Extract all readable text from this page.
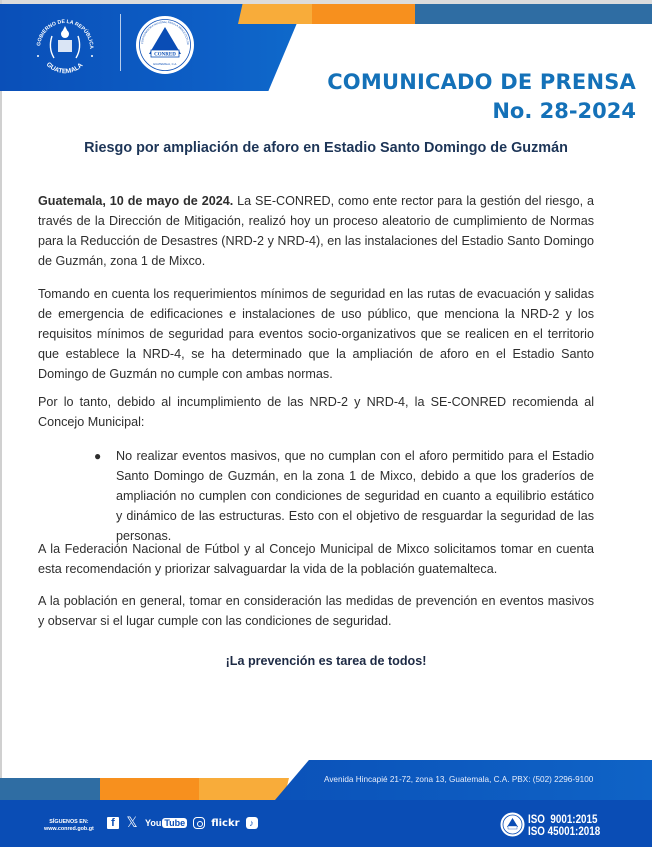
GOBIERNO DE LA REPÚBLICA
GUATEMALA
COORDINADORA NACIONAL PARA LA REDUCCIÓN DE
CONRED
GUATEMALA, C.A.
COMUNICADO DE PRENSA
No. 28-2024
Riesgo por ampliación de aforo en Estadio Santo Domingo de Guzmán
Guatemala, 10 de mayo de 2024. La SE-CONRED, como ente rector para la gestión del riesgo, a través de la Dirección de Mitigación, realizó hoy un proceso aleatorio de cumplimiento de Normas para la Reducción de Desastres (NRD-2 y NRD-4), en las instalaciones del Estadio Santo Domingo de Guzmán, zona 1 de Mixco.
Tomando en cuenta los requerimientos mínimos de seguridad en las rutas de evacuación y salidas de emergencia de edificaciones e instalaciones de uso público, que menciona la NRD-2 y los requisitos mínimos de seguridad para eventos socio-organizativos que se realicen en el territorio que establece la NRD-4, se ha determinado que la ampliación de aforo en el Estadio Santo Domingo de Guzmán no cumple con ambas normas.
Por lo tanto, debido al incumplimiento de las NRD-2 y NRD-4, la SE-CONRED recomienda al Concejo Municipal:
●	No realizar eventos masivos, que no cumplan con el aforo permitido para el Estadio Santo Domingo de Guzmán, en la zona 1 de Mixco, debido a que los graderíos de ampliación no cumplen con condiciones de seguridad en cuanto a equilibrio estático y dinámico de las estructuras. Esto con el objetivo de resguardar la seguridad de las personas.
A la Federación Nacional de Fútbol y al Concejo Municipal de Mixco solicitamos tomar en cuenta esta recomendación y priorizar salvaguardar la vida de la población guatemalteca.
A la población en general, tomar en consideración las medidas de prevención en eventos masivos y observar si el lugar cumple con las condiciones de seguridad.
¡La prevención es tarea de todos!
Avenida Hincapié 21-72, zona 13, Guatemala, C.A. PBX: (502) 2296-9100
SÍGUENOS EN:
www.conred.gob.gt	f 𝕏 You Tube	flickr	♪	ISO  9001:2015
ISO 45001:2018
